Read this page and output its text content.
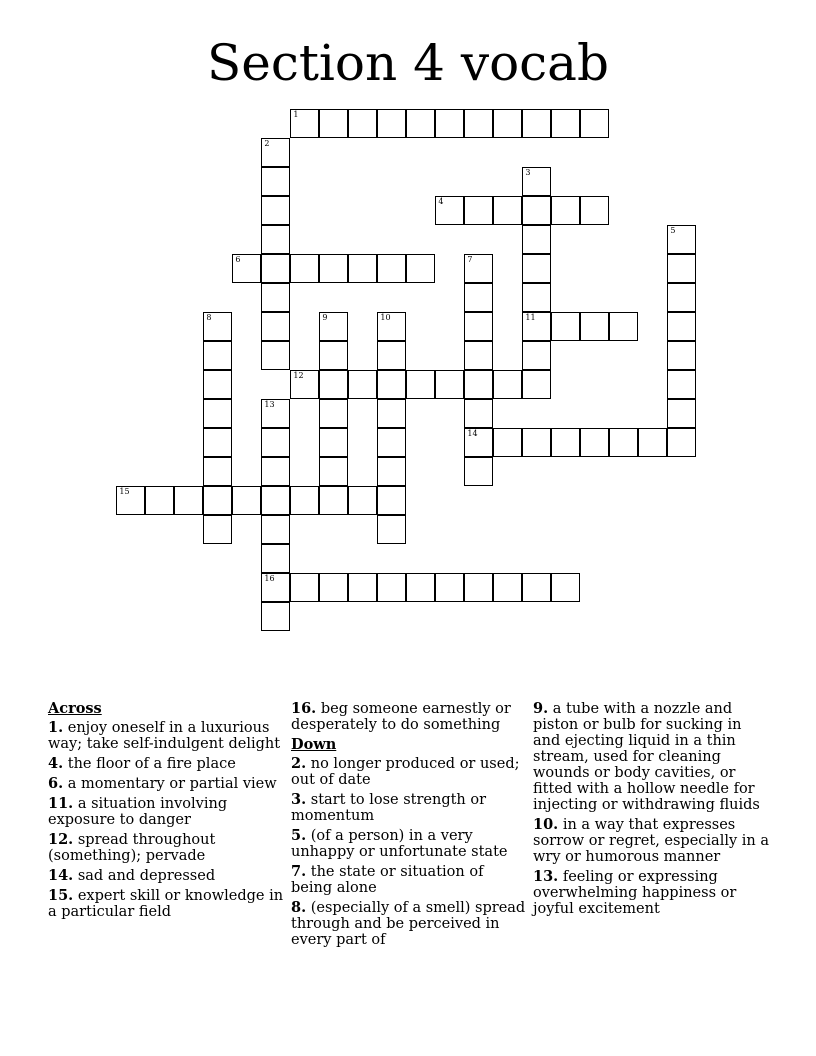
Section 4 vocab
1
2
3
11
4
5
6	7
14
8	9	10
12
13
16
15
Across
1. enjoy oneself in a luxurious way; take self-indulgent delight
4. the floor of a fire place
6. a momentary or partial view
11. a situation involving exposure to danger
12. spread throughout (something); pervade
14. sad and depressed
15. expert skill or knowledge in a particular field
16. beg someone earnestly or desperately to do something
Down
2. no longer produced or used; out of date
3. start to lose strength or momentum
5. (of a person) in a very unhappy or unfortunate state
7. the state or situation of being alone
8. (especially of a smell) spread through and be perceived in every part of
9. a tube with a nozzle and piston or bulb for sucking in and ejecting liquid in a thin stream, used for cleaning wounds or body cavities, or fitted with a hollow needle for injecting or withdrawing fluids
10. in a way that expresses sorrow or regret, especially in a wry or humorous manner
13. feeling or expressing overwhelming happiness or joyful excitement
